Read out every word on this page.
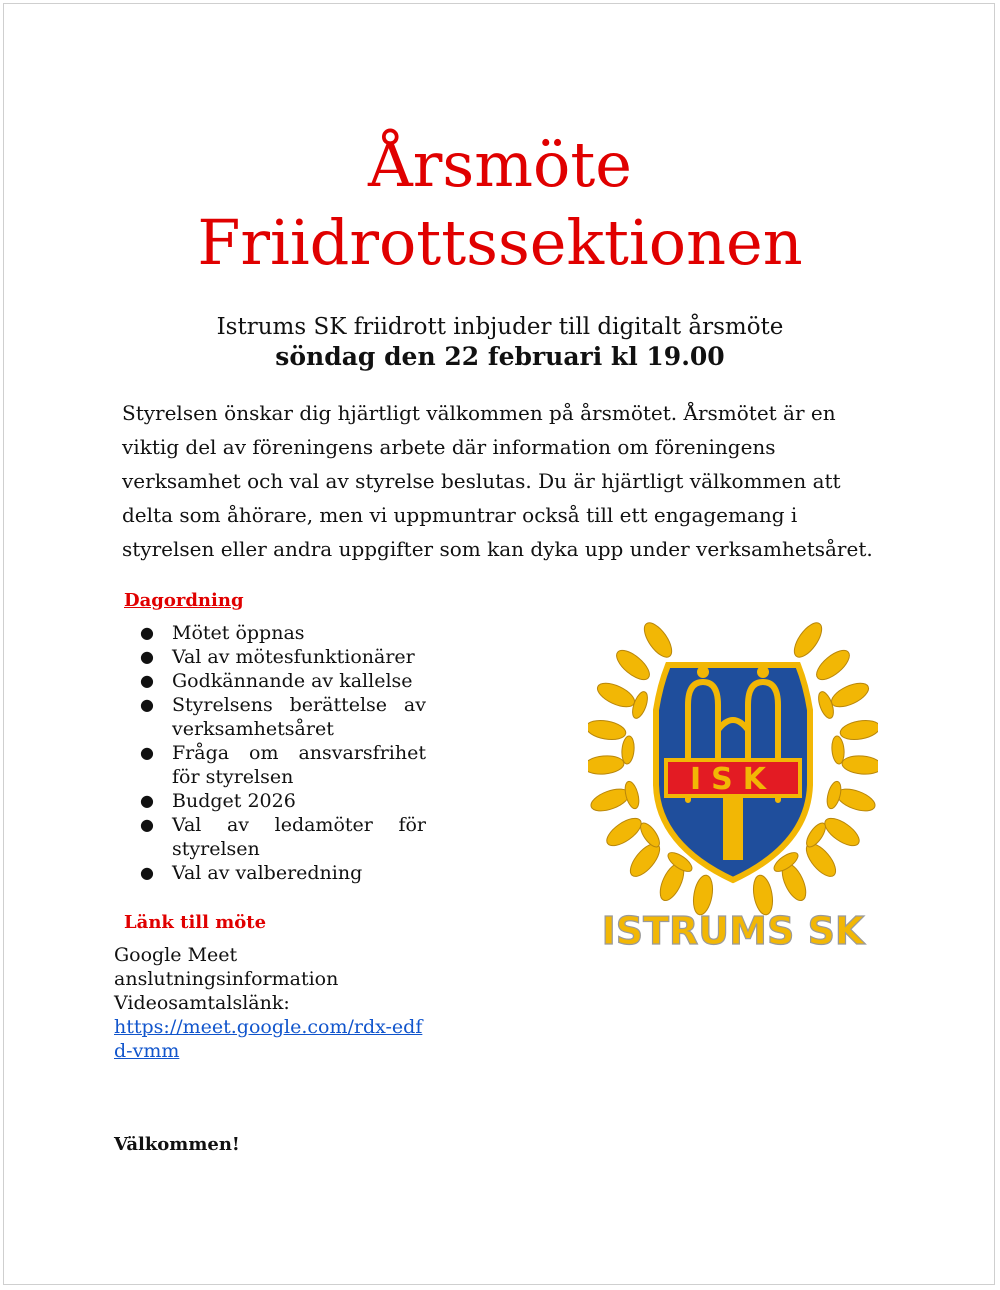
Årsmöte
Friidrottssektionen
Istrums SK friidrott inbjuder till digitalt årsmöte
söndag den 22 februari kl 19.00
Styrelsen önskar dig hjärtligt välkommen på årsmötet. Årsmötet är en viktig del av föreningens arbete där information om föreningens verksamhet och val av styrelse beslutas. Du är hjärtligt välkommen att delta som åhörare, men vi uppmuntrar också till ett engagemang i styrelsen eller andra uppgifter som kan dyka upp under verksamhetsåret.
Dagordning
● Mötet öppnas
● Val av mötesfunktionärer
● Godkännande av kallelse
● Styrelsens berättelse av verksamhetsåret
● Fråga om ansvarsfrihet för styrelsen
● Budget 2026
● Val av ledamöter för styrelsen
● Val av valberedning
Länk till möte
Google Meet
anslutningsinformation
Videosamtalslänk:
https://meet.google.com/rdx-edfd-vmm
Välkommen!
ISK
ISTRUMS SK
